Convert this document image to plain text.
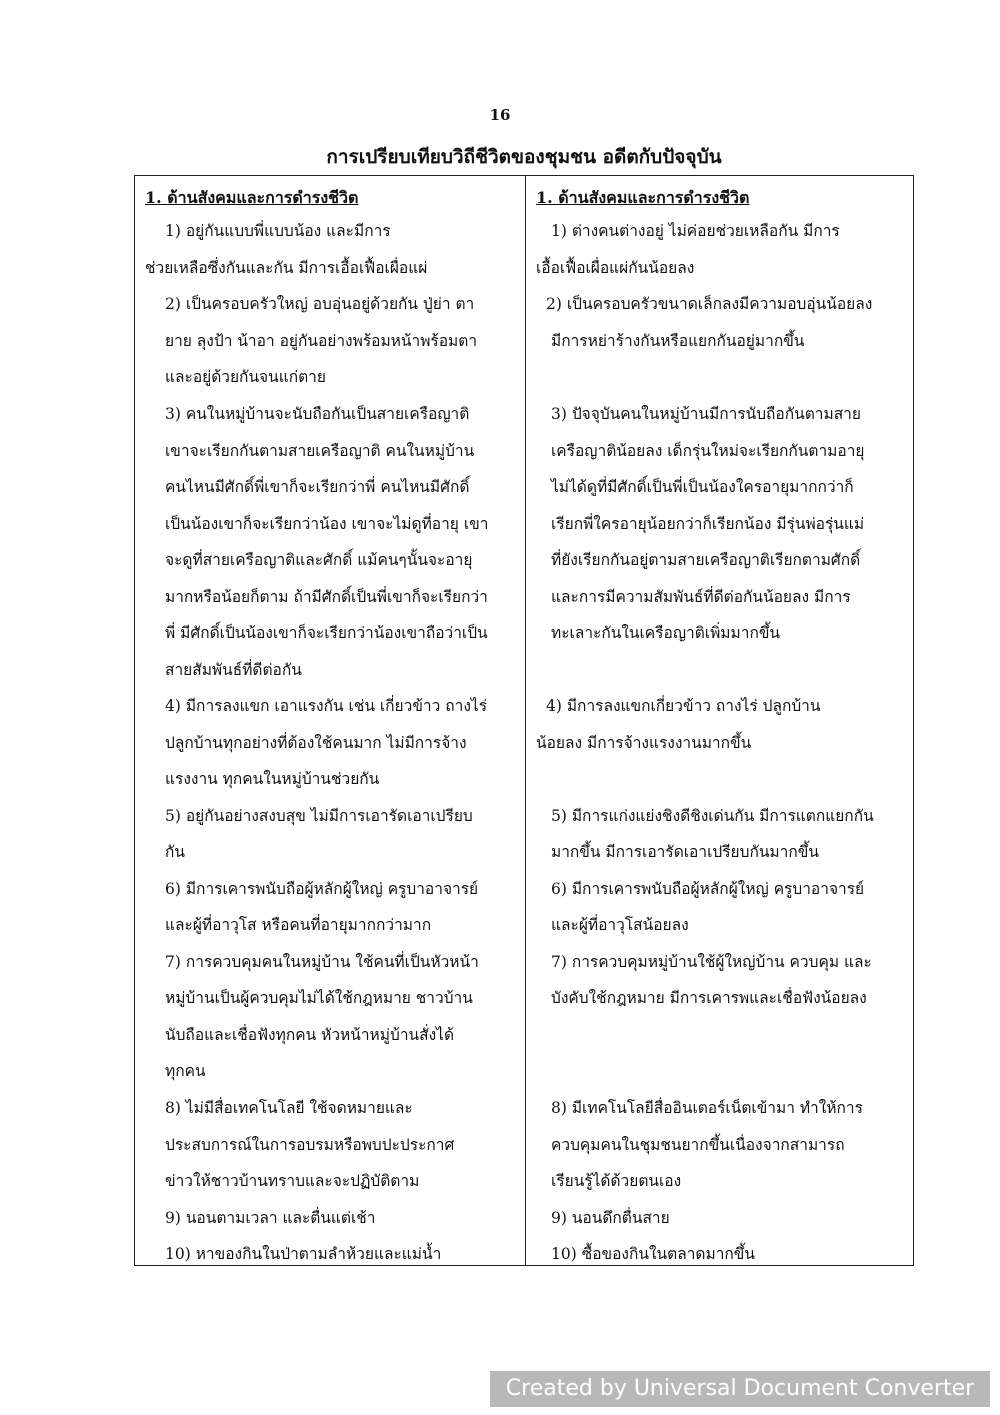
16
การเปรียบเทียบวิถีชีวิตของชุมชน อดีตกับปัจจุบัน
1. ด้านสังคมและการดำรงชีวิต
1) อยู่กันแบบพี่แบบน้อง และมีการ
ช่วยเหลือซึ่งกันและกัน มีการเอื้อเฟื้อเผื่อแผ่
2) เป็นครอบครัวใหญ่ อบอุ่นอยู่ด้วยกัน ปู่ย่า ตา
ยาย ลุงป้า น้าอา อยู่กันอย่างพร้อมหน้าพร้อมตา
และอยู่ด้วยกันจนแก่ตาย
3) คนในหมู่บ้านจะนับถือกันเป็นสายเครือญาติ
เขาจะเรียกกันตามสายเครือญาติ คนในหมู่บ้าน
คนไหนมีศักดิ์พี่เขาก็จะเรียกว่าพี่ คนไหนมีศักดิ์
เป็นน้องเขาก็จะเรียกว่าน้อง เขาจะไม่ดูที่อายุ เขา
จะดูที่สายเครือญาติและศักดิ์ แม้คนๆนั้นจะอายุ
มากหรือน้อยก็ตาม ถ้ามีศักดิ์เป็นพี่เขาก็จะเรียกว่า
พี่ มีศักดิ์เป็นน้องเขาก็จะเรียกว่าน้องเขาถือว่าเป็น
สายสัมพันธ์ที่ดีต่อกัน
4) มีการลงแขก เอาแรงกัน เช่น เกี่ยวข้าว ถางไร่
ปลูกบ้านทุกอย่างที่ต้องใช้คนมาก ไม่มีการจ้าง
แรงงาน ทุกคนในหมู่บ้านช่วยกัน
5) อยู่กันอย่างสงบสุข ไม่มีการเอารัดเอาเปรียบ
กัน
6) มีการเคารพนับถือผู้หลักผู้ใหญ่ ครูบาอาจารย์
และผู้ที่อาวุโส หรือคนที่อายุมากกว่ามาก
7) การควบคุมคนในหมู่บ้าน ใช้คนที่เป็นหัวหน้า
หมู่บ้านเป็นผู้ควบคุมไม่ได้ใช้กฎหมาย ชาวบ้าน
นับถือและเชื่อฟังทุกคน หัวหน้าหมู่บ้านสั่งได้
ทุกคน
8) ไม่มีสื่อเทคโนโลยี ใช้จดหมายและ
ประสบการณ์ในการอบรมหรือพบปะประกาศ
ข่าวให้ชาวบ้านทราบและจะปฏิบัติตาม
9) นอนตามเวลา และตื่นแต่เช้า
10) หาของกินในป่าตามลำห้วยและแม่น้ำ
1. ด้านสังคมและการดำรงชีวิต
1) ต่างคนต่างอยู่ ไม่ค่อยช่วยเหลือกัน มีการ
เอื้อเฟื้อเผื่อแผ่กันน้อยลง
2) เป็นครอบครัวขนาดเล็กลงมีความอบอุ่นน้อยลง
มีการหย่าร้างกันหรือแยกกันอยู่มากขึ้น
3) ปัจจุบันคนในหมู่บ้านมีการนับถือกันตามสาย
เครือญาติน้อยลง เด็กรุ่นใหม่จะเรียกกันตามอายุ
ไม่ได้ดูที่มีศักดิ์เป็นพี่เป็นน้องใครอายุมากกว่าก็
เรียกพี่ใครอายุน้อยกว่าก็เรียกน้อง มีรุ่นพ่อรุ่นแม่
ที่ยังเรียกกันอยู่ตามสายเครือญาติเรียกตามศักดิ์
และการมีความสัมพันธ์ที่ดีต่อกันน้อยลง มีการ
ทะเลาะกันในเครือญาติเพิ่มมากขึ้น
4) มีการลงแขกเกี่ยวข้าว ถางไร่ ปลูกบ้าน
น้อยลง มีการจ้างแรงงานมากขึ้น
5) มีการแก่งแย่งชิงดีชิงเด่นกัน มีการแตกแยกกัน
มากขึ้น มีการเอารัดเอาเปรียบกันมากขึ้น
6) มีการเคารพนับถือผู้หลักผู้ใหญ่ ครูบาอาจารย์
และผู้ที่อาวุโสน้อยลง
7) การควบคุมหมู่บ้านใช้ผู้ใหญ่บ้าน ควบคุม และ
บังคับใช้กฎหมาย มีการเคารพและเชื่อฟังน้อยลง
8) มีเทคโนโลยีสื่ออินเตอร์เน็ตเข้ามา ทำให้การ
ควบคุมคนในชุมชนยากขึ้นเนื่องจากสามารถ
เรียนรู้ได้ด้วยตนเอง
9) นอนดึกตื่นสาย
10) ซื้อของกินในตลาดมากขึ้น
Created by Universal Document Converter
